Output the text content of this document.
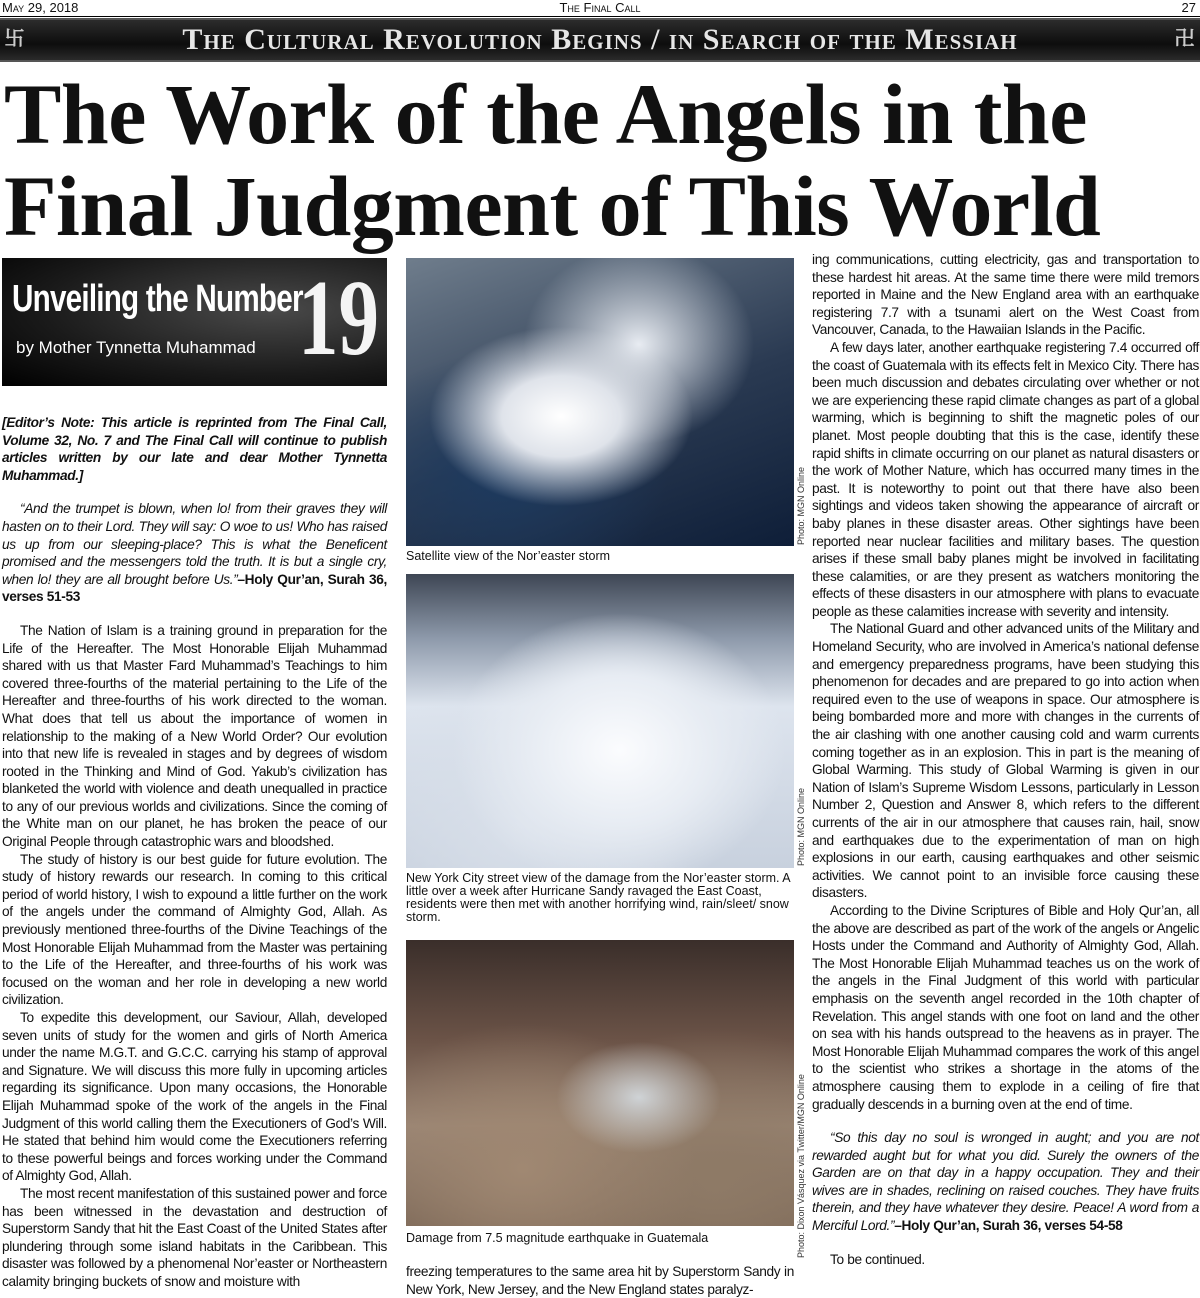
May 29, 2018	The Final Call	27
卐	The Cultural Revolution Begins / in Search of the Messiah	卍
The Work of the Angels in the
Final Judgment of This World
Unveiling the Number
by Mother Tynnetta Muhammad 19

[Editor’s Note: This article is reprinted from The Final Call, Volume 32, No. 7 and The Final Call will continue to publish articles written by our late and dear Mother Tynnetta Muhammad.]

“And the trumpet is blown, when lo! from their graves they will hasten on to their Lord. They will say: O woe to us! Who has raised us up from our sleeping-place? This is what the Beneficent promised and the messengers told the truth. It is but a single cry, when lo! they are all brought before Us.”–Holy Qur’an, Surah 36, verses 51-53

The Nation of Islam is a training ground in preparation for the Life of the Hereafter. The Most Honorable Elijah Muhammad shared with us that Master Fard Muhammad’s Teachings to him covered three-fourths of the material pertaining to the Life of the Hereafter and three-fourths of his work directed to the woman. What does that tell us about the importance of women in relationship to the making of a New World Order? Our evolution into that new life is revealed in stages and by degrees of wisdom rooted in the Thinking and Mind of God. Yakub’s civilization has blanketed the world with violence and death unequalled in practice to any of our previous worlds and civilizations. Since the coming of the White man on our planet, he has broken the peace of our Original People through catastrophic wars and bloodshed.

The study of history is our best guide for future evolution. The study of history rewards our research. In coming to this critical period of world history, I wish to expound a little further on the work of the angels under the command of Almighty God, Allah. As previously mentioned three-fourths of the Divine Teachings of the Most Honorable Elijah Muhammad from the Master was pertaining to the Life of the Hereafter, and three-fourths of his work was focused on the woman and her role in developing a new world civilization.

To expedite this development, our Saviour, Allah, developed seven units of study for the women and girls of North America under the name M.G.T. and G.C.C. carrying his stamp of approval and Signature. We will discuss this more fully in upcoming articles regarding its significance. Upon many occasions, the Honorable Elijah Muhammad spoke of the work of the angels in the Final Judgment of this world calling them the Executioners of God’s Will. He stated that behind him would come the Executioners referring to these powerful beings and forces working under the Command of Almighty God, Allah.

The most recent manifestation of this sustained power and force has been witnessed in the devastation and destruction of Superstorm Sandy that hit the East Coast of the United States after plundering through some island habitats in the Caribbean. This disaster was followed by a phenomenal Nor’easter or Northeastern calamity bringing buckets of snow and moisture with

Photo: MGN Online
Satellite view of the Nor’easter storm
Photo: MGN Online
New York City street view of the damage from the Nor’easter storm. A little over a week after Hurricane Sandy ravaged the East Coast, residents were then met with another horrifying wind, rain/sleet/ snow storm.
Photo: Dixon Vásquez via Twitter/MGN Online
Damage from 7.5 magnitude earthquake in Guatemala

freezing temperatures to the same area hit by Superstorm Sandy in New York, New Jersey, and the New England states paralyz-

ing communications, cutting electricity, gas and transportation to these hardest hit areas. At the same time there were mild tremors reported in Maine and the New England area with an earthquake registering 7.7 with a tsunami alert on the West Coast from Vancouver, Canada, to the Hawaiian Islands in the Pacific.

A few days later, another earthquake registering 7.4 occurred off the coast of Guatemala with its effects felt in Mexico City. There has been much discussion and debates circulating over whether or not we are experiencing these rapid climate changes as part of a global warming, which is beginning to shift the magnetic poles of our planet. Most people doubting that this is the case, identify these rapid shifts in climate occurring on our planet as natural disasters or the work of Mother Nature, which has occurred many times in the past. It is noteworthy to point out that there have also been sightings and videos taken showing the appearance of aircraft or baby planes in these disaster areas. Other sightings have been reported near nuclear facilities and military bases. The question arises if these small baby planes might be involved in facilitating these calamities, or are they present as watchers monitoring the effects of these disasters in our atmosphere with plans to evacuate people as these calamities increase with severity and intensity.

The National Guard and other advanced units of the Military and Homeland Security, who are involved in America’s national defense and emergency preparedness programs, have been studying this phenomenon for decades and are prepared to go into action when required even to the use of weapons in space. Our atmosphere is being bombarded more and more with changes in the currents of the air clashing with one another causing cold and warm currents coming together as in an explosion. This in part is the meaning of Global Warming. This study of Global Warming is given in our Nation of Islam’s Supreme Wisdom Lessons, particularly in Lesson Number 2, Question and Answer 8, which refers to the different currents of the air in our atmosphere that causes rain, hail, snow and earthquakes due to the experimentation of man on high explosions in our earth, causing earthquakes and other seismic activities. We cannot point to an invisible force causing these disasters.

According to the Divine Scriptures of Bible and Holy Qur’an, all the above are described as part of the work of the angels or Angelic Hosts under the Command and Authority of Almighty God, Allah. The Most Honorable Elijah Muhammad teaches us on the work of the angels in the Final Judgment of this world with particular emphasis on the seventh angel recorded in the 10th chapter of Revelation. This angel stands with one foot on land and the other on sea with his hands outspread to the heavens as in prayer. The Most Honorable Elijah Muhammad compares the work of this angel to the scientist who strikes a shortage in the atoms of the atmosphere causing them to explode in a ceiling of fire that gradually descends in a burning oven at the end of time.

“So this day no soul is wronged in aught; and you are not rewarded aught but for what you did. Surely the owners of the Garden are on that day in a happy occupation. They and their wives are in shades, reclining on raised couches. They have fruits therein, and they have whatever they desire. Peace! A word from a Merciful Lord.”–Holy Qur’an, Surah 36, verses 54-58

To be continued.
